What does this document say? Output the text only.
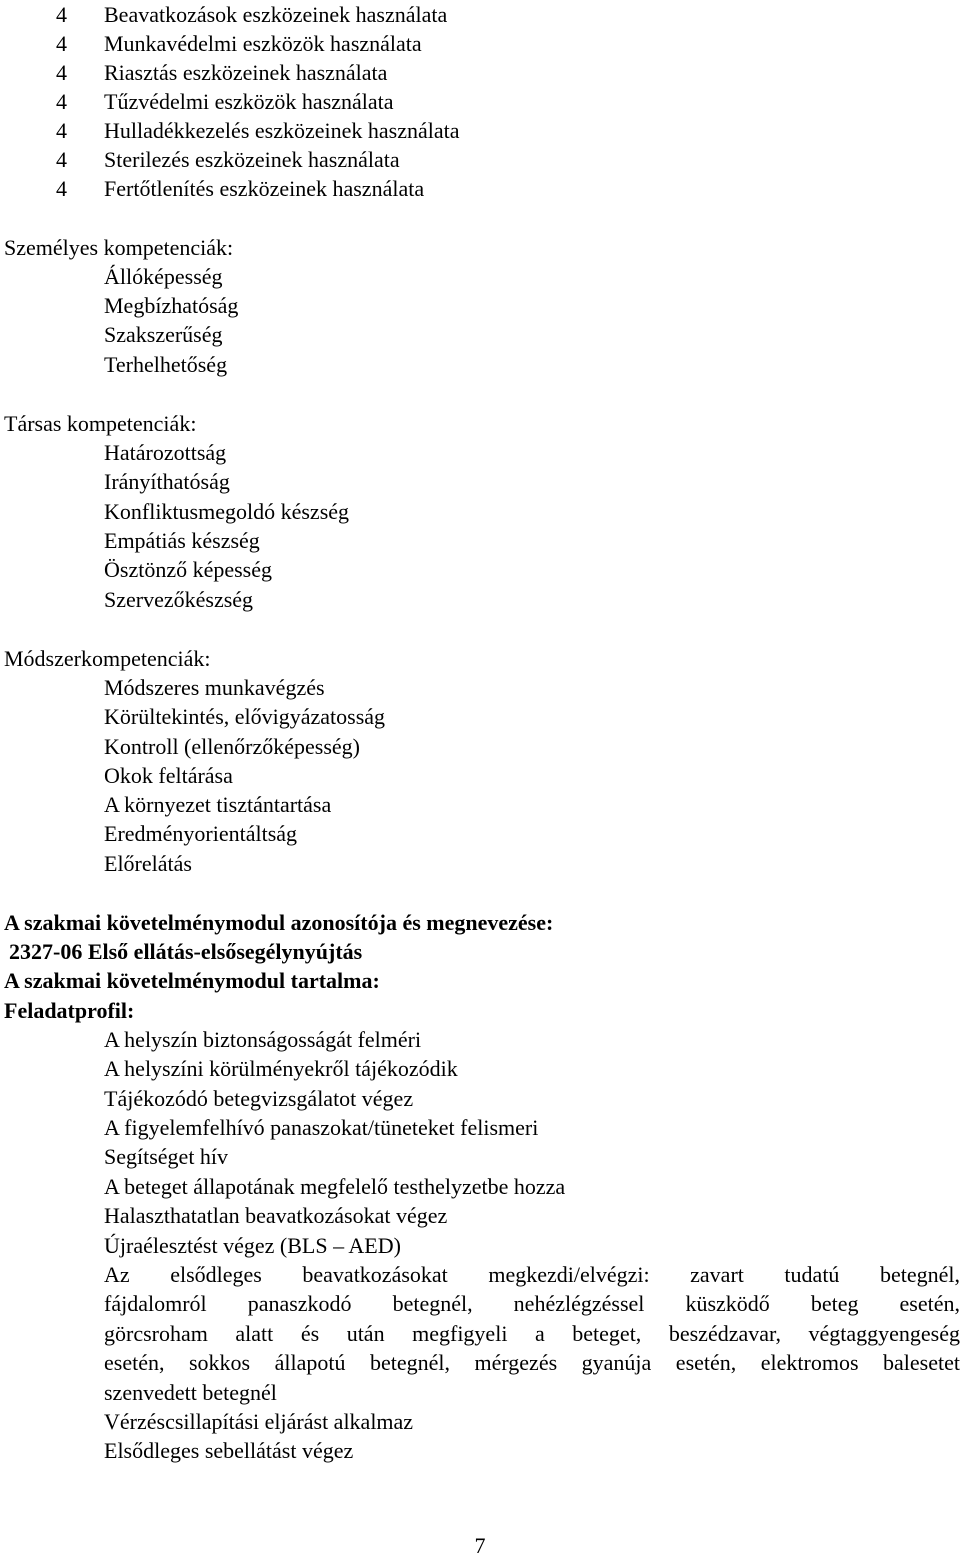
4 Beavatkozások eszközeinek használata
4 Munkavédelmi eszközök használata
4 Riasztás eszközeinek használata
4 Tűzvédelmi eszközök használata
4 Hulladékkezelés eszközeinek használata
4 Sterilezés eszközeinek használata
4 Fertőtlenítés eszközeinek használata
Személyes kompetenciák:
Állóképesség
Megbízhatóság
Szakszerűség
Terhelhetőség
Társas kompetenciák:
Határozottság
Irányíthatóság
Konfliktusmegoldó készség
Empátiás készség
Ösztönző képesség
Szervezőkészség
Módszerkompetenciák:
Módszeres munkavégzés
Körültekintés, elővigyázatosság
Kontroll (ellenőrzőképesség)
Okok feltárása
A környezet tisztántartása
Eredményorientáltság
Előrelátás
A szakmai követelménymodul azonosítója és megnevezése:
2327-06 Első ellátás-elsősegélynyújtás
A szakmai követelménymodul tartalma:
Feladatprofil:
A helyszín biztonságosságát felméri
A helyszíni körülményekről tájékozódik
Tájékozódó betegvizsgálatot végez
A figyelemfelhívó panaszokat/tüneteket felismeri
Segítséget hív
A beteget állapotának megfelelő testhelyzetbe hozza
Halaszthatatlan beavatkozásokat végez
Újraélesztést végez (BLS – AED)
Az elsődleges beavatkozásokat megkezdi/elvégzi: zavart tudatú betegnél,
fájdalomról panaszkodó betegnél, nehézlégzéssel küszködő beteg esetén,
görcsroham alatt és után megfigyeli a beteget, beszédzavar, végtaggyengeség
esetén, sokkos állapotú betegnél, mérgezés gyanúja esetén, elektromos balesetet
szenvedett betegnél
Vérzéscsillapítási eljárást alkalmaz
Elsődleges sebellátást végez
7
